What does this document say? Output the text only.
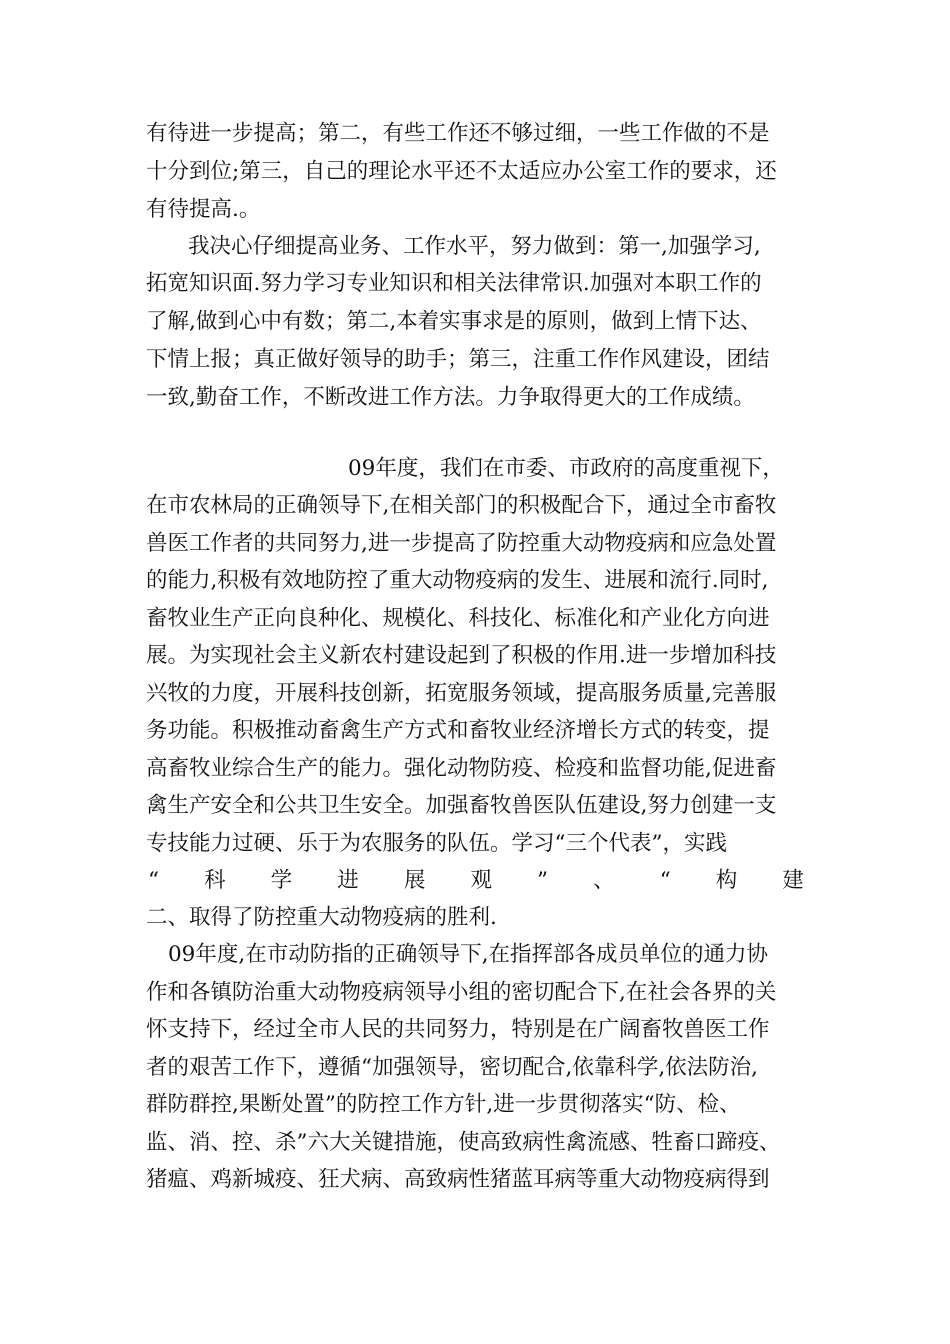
有待进一步提高；第二，有些工作还不够过细，一些工作做的不是
十分到位;第三，自己的理论水平还不太适应办公室工作的要求，还
有待提高.。
我决心仔细提高业务、工作水平，努力做到：第一,加强学习,
拓宽知识面.努力学习专业知识和相关法律常识.加强对本职工作的
了解,做到心中有数；第二,本着实事求是的原则，做到上情下达、
下情上报；真正做好领导的助手；第三，注重工作作风建设，团结
一致,勤奋工作，不断改进工作方法。力争取得更大的工作成绩。
09年度，我们在市委、市政府的高度重视下，
在市农林局的正确领导下,在相关部门的积极配合下，通过全市畜牧
兽医工作者的共同努力,进一步提高了防控重大动物疫病和应急处置
的能力,积极有效地防控了重大动物疫病的发生、进展和流行.同时,
畜牧业生产正向良种化、规模化、科技化、标准化和产业化方向进
展。为实现社会主义新农村建设起到了积极的作用.进一步增加科技
兴牧的力度，开展科技创新，拓宽服务领域，提高服务质量,完善服
务功能。积极推动畜禽生产方式和畜牧业经济增长方式的转变，提
高畜牧业综合生产的能力。强化动物防疫、检疫和监督功能,促进畜
禽生产安全和公共卫生安全。加强畜牧兽医队伍建设,努力创建一支
专技能力过硬、乐于为农服务的队伍。学习“三个代表”，实践
“ 科 学 进 展 观 ” 、 “ 构 建
二、取得了防控重大动物疫病的胜利.
09年度,在市动防指的正确领导下,在指挥部各成员单位的通力协
作和各镇防治重大动物疫病领导小组的密切配合下,在社会各界的关
怀支持下，经过全市人民的共同努力，特别是在广阔畜牧兽医工作
者的艰苦工作下，遵循“加强领导，密切配合,依靠科学,依法防治,
群防群控,果断处置”的防控工作方针,进一步贯彻落实“防、检、
监、消、控、杀”六大关键措施，使高致病性禽流感、牲畜口蹄疫、
猪瘟、鸡新城疫、狂犬病、高致病性猪蓝耳病等重大动物疫病得到
